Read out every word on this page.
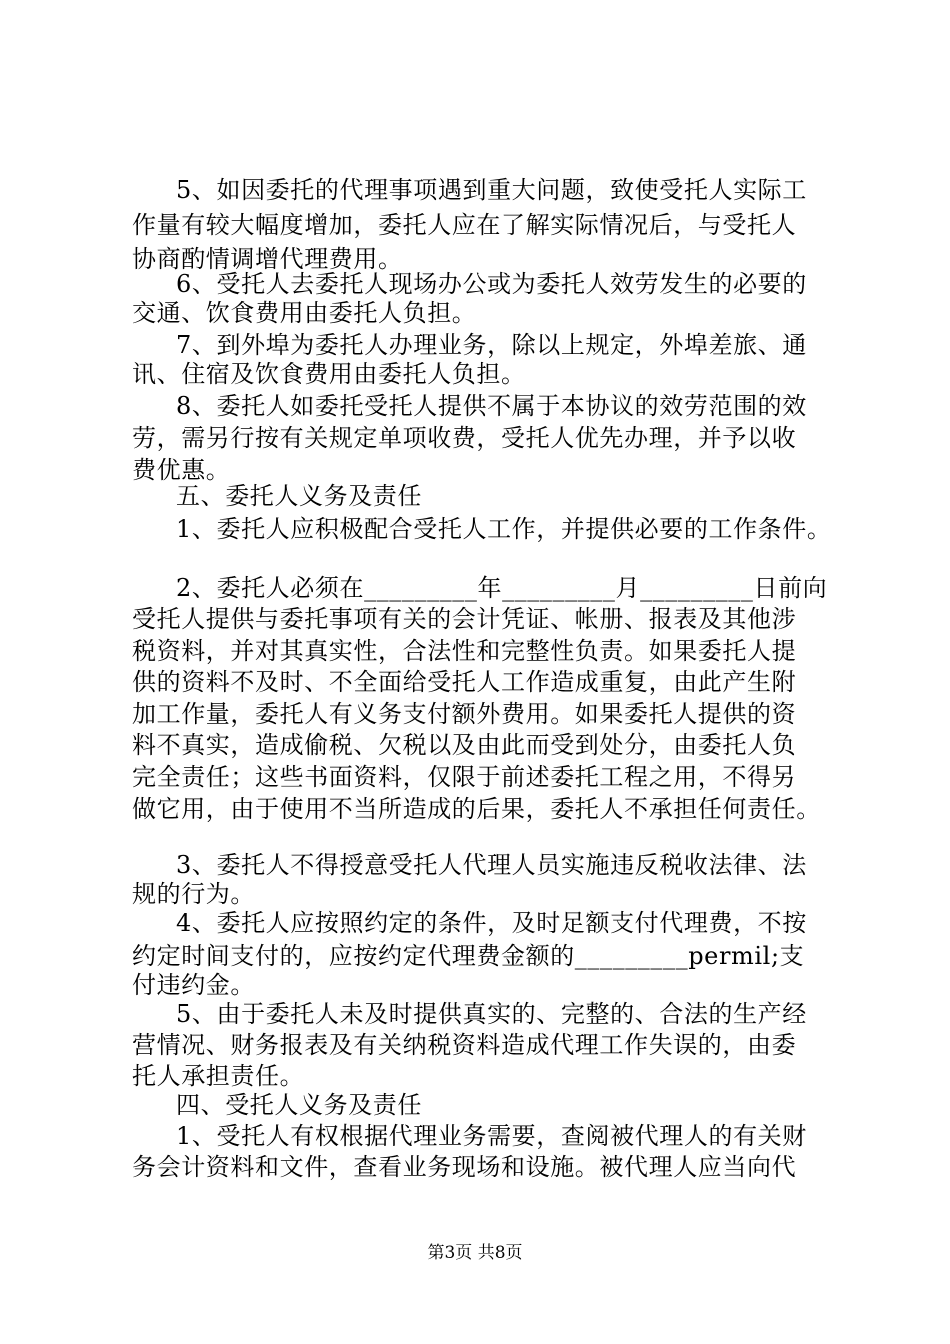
5、如因委托的代理事项遇到重大问题，致使受托人实际工
作量有较大幅度增加，委托人应在了解实际情况后，与受托人
协商酌情调增代理费用。
6、受托人去委托人现场办公或为委托人效劳发生的必要的
交通、饮食费用由委托人负担。
7、到外埠为委托人办理业务，除以上规定，外埠差旅、通
讯、住宿及饮食费用由委托人负担。
8、委托人如委托受托人提供不属于本协议的效劳范围的效
劳，需另行按有关规定单项收费，受托人优先办理，并予以收
费优惠。
五、委托人义务及责任
1、委托人应积极配合受托人工作，并提供必要的工作条件。
2、委托人必须在_________年_________月_________日前向
受托人提供与委托事项有关的会计凭证、帐册、报表及其他涉
税资料，并对其真实性，合法性和完整性负责。如果委托人提
供的资料不及时、不全面给受托人工作造成重复，由此产生附
加工作量，委托人有义务支付额外费用。如果委托人提供的资
料不真实，造成偷税、欠税以及由此而受到处分，由委托人负
完全责任；这些书面资料，仅限于前述委托工程之用，不得另
做它用，由于使用不当所造成的后果，委托人不承担任何责任。
3、委托人不得授意受托人代理人员实施违反税收法律、法
规的行为。
4、委托人应按照约定的条件，及时足额支付代理费，不按
约定时间支付的，应按约定代理费金额的_________permil;支
付违约金。
5、由于委托人未及时提供真实的、完整的、合法的生产经
营情况、财务报表及有关纳税资料造成代理工作失误的，由委
托人承担责任。
四、受托人义务及责任
1、受托人有权根据代理业务需要，查阅被代理人的有关财
务会计资料和文件，查看业务现场和设施。被代理人应当向代
第3页 共8页
